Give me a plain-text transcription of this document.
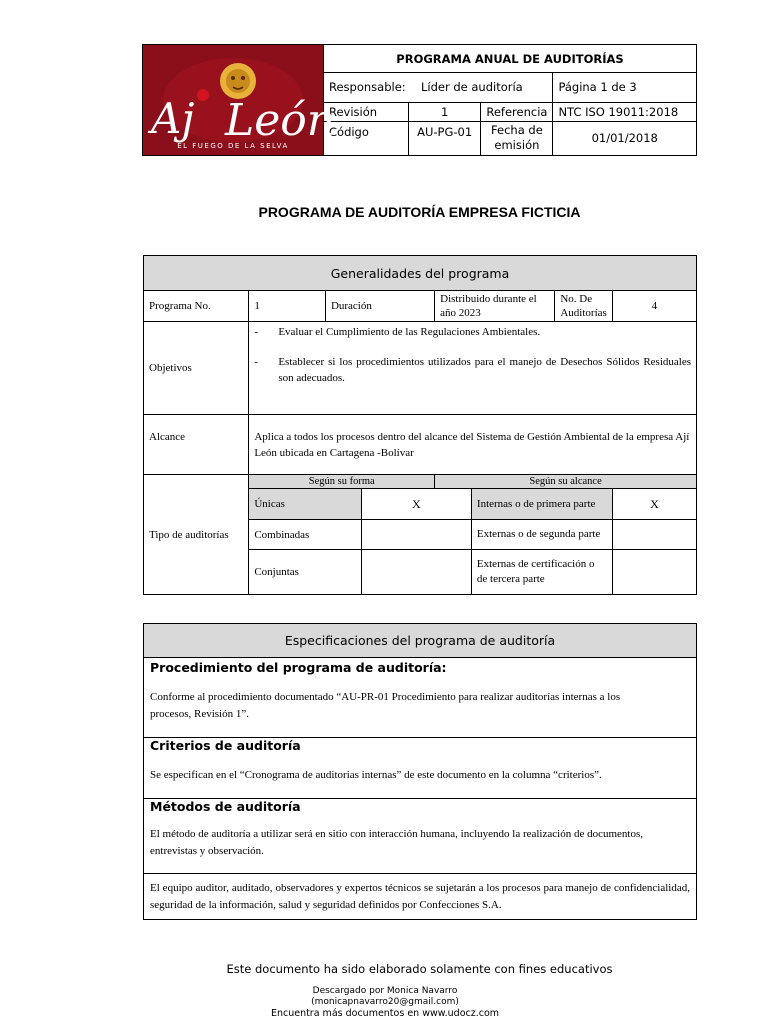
Aj León
EL FUEGO DE LA SELVA	PROGRAMA ANUAL DE AUDITORÍAS			
	Responsable: Líder de auditoría			Página 1 de 3
	Revisión	1	Referencia	NTC ISO 19011:2018
	Código	AU-PG-01	Fecha de emisión	01/01/2018
PROGRAMA DE AUDITORÍA EMPRESA FICTICIA
Generalidades del programa							
Programa No.	1	Duración		Distribuido durante el año 2023		No. De Auditorías	4
Objetivos	- Evaluar el Cumplimiento de las Regulaciones Ambientales.
- Establecer si los procedimientos utilizados para el manejo de Desechos Sólidos Residuales son adecuados.						

Alcance	Aplica a todos los procesos dentro del alcance del Sistema de Gestión Ambiental de la empresa Ají León ubicada en Cartagena -Bolívar						
Tipo de auditorías	Según su forma			Según su alcance			
	Únicas		X		Internas o de primera parte		X
	Combinadas				Externas o de segunda parte		
	Conjuntas				Externas de certificación o de tercera parte		
Especificaciones del programa de auditoría

Procedimiento del programa de auditoría:
Conforme al procedimiento documentado “AU-PR-01 Procedimiento para realizar auditorías internas a los procesos, Revisión 1”.

Criterios de auditoría
Se especifican en el “Cronograma de auditorias internas” de este documento en la columna “criterios”.

Métodos de auditoría
El método de auditoría a utilizar será en sitio con interacción humana, incluyendo la realización de documentos, entrevistas y observación.

El equipo auditor, auditado, observadores y expertos técnicos se sujetarán a los procesos para manejo de confidencialidad, seguridad de la información, salud y seguridad definidos por Confecciones S.A.
Este documento ha sido elaborado solamente con fines educativos
Descargado por Monica Navarro
(monicapnavarro20@gmail.com)
Encuentra más documentos en www.udocz.com
